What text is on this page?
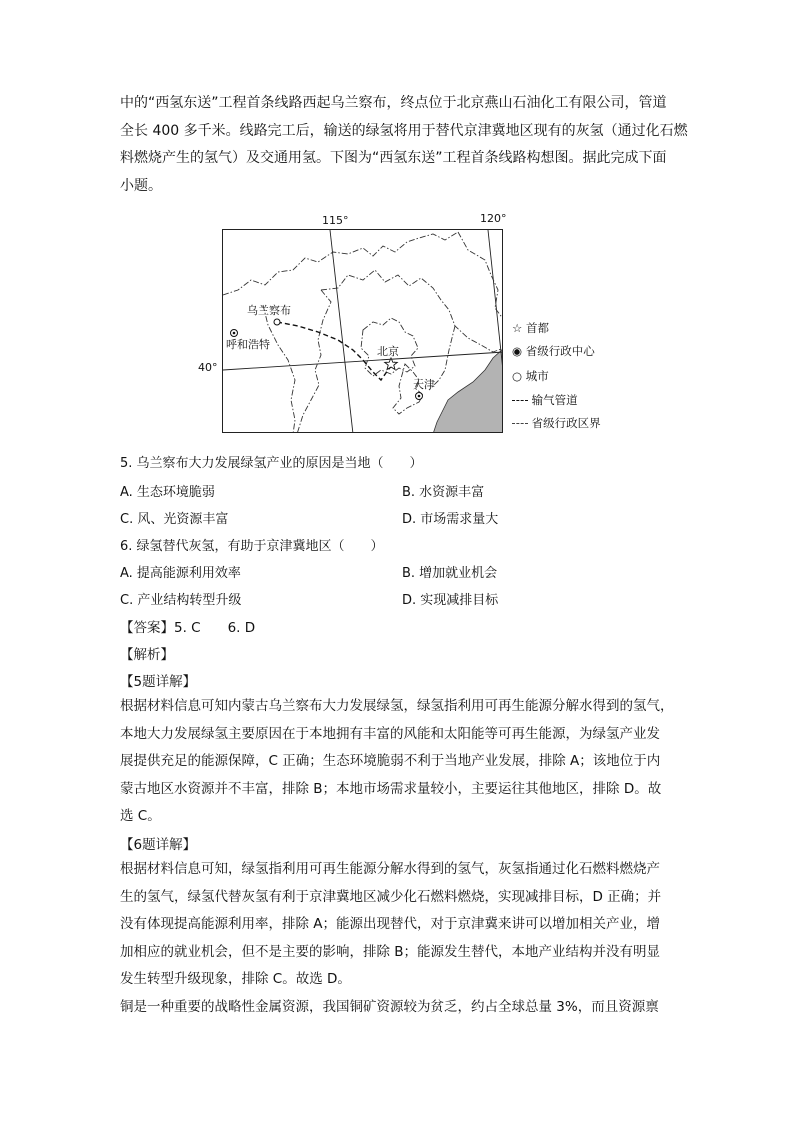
中的“西氢东送”工程首条线路西起乌兰察布，终点位于北京燕山石油化工有限公司，管道
全长 400 多千米。线路完工后，输送的绿氢将用于替代京津冀地区现有的灰氢（通过化石燃
料燃烧产生的氢气）及交通用氢。下图为“西氢东送”工程首条线路构想图。据此完成下面
小题。
115°	120°
40°
乌兰察布
呼和浩特
北京
天津
☆ 首都
◉ 省级行政中心
○ 城市
输气管道
省级行政区界
5. 乌兰察布大力发展绿氢产业的原因是当地（　　）
A. 生态环境脆弱	B. 水资源丰富
C. 风、光资源丰富	D. 市场需求量大
6. 绿氢替代灰氢，有助于京津冀地区（　　）
A. 提高能源利用效率	B. 增加就业机会
C. 产业结构转型升级	D. 实现减排目标
【答案】5. C　　6. D
【解析】
【5题详解】
根据材料信息可知内蒙古乌兰察布大力发展绿氢，绿氢指利用可再生能源分解水得到的氢气，
本地大力发展绿氢主要原因在于本地拥有丰富的风能和太阳能等可再生能源，为绿氢产业发
展提供充足的能源保障，C 正确；生态环境脆弱不利于当地产业发展，排除 A；该地位于内
蒙古地区水资源并不丰富，排除 B；本地市场需求量较小，主要运往其他地区，排除 D。故
选 C。
【6题详解】
根据材料信息可知，绿氢指利用可再生能源分解水得到的氢气，灰氢指通过化石燃料燃烧产
生的氢气，绿氢代替灰氢有利于京津冀地区减少化石燃料燃烧，实现减排目标，D 正确；并
没有体现提高能源利用率，排除 A；能源出现替代，对于京津冀来讲可以增加相关产业，增
加相应的就业机会，但不是主要的影响，排除 B；能源发生替代，本地产业结构并没有明显
发生转型升级现象，排除 C。故选 D。
铜是一种重要的战略性金属资源，我国铜矿资源较为贫乏，约占全球总量 3%，而且资源禀
